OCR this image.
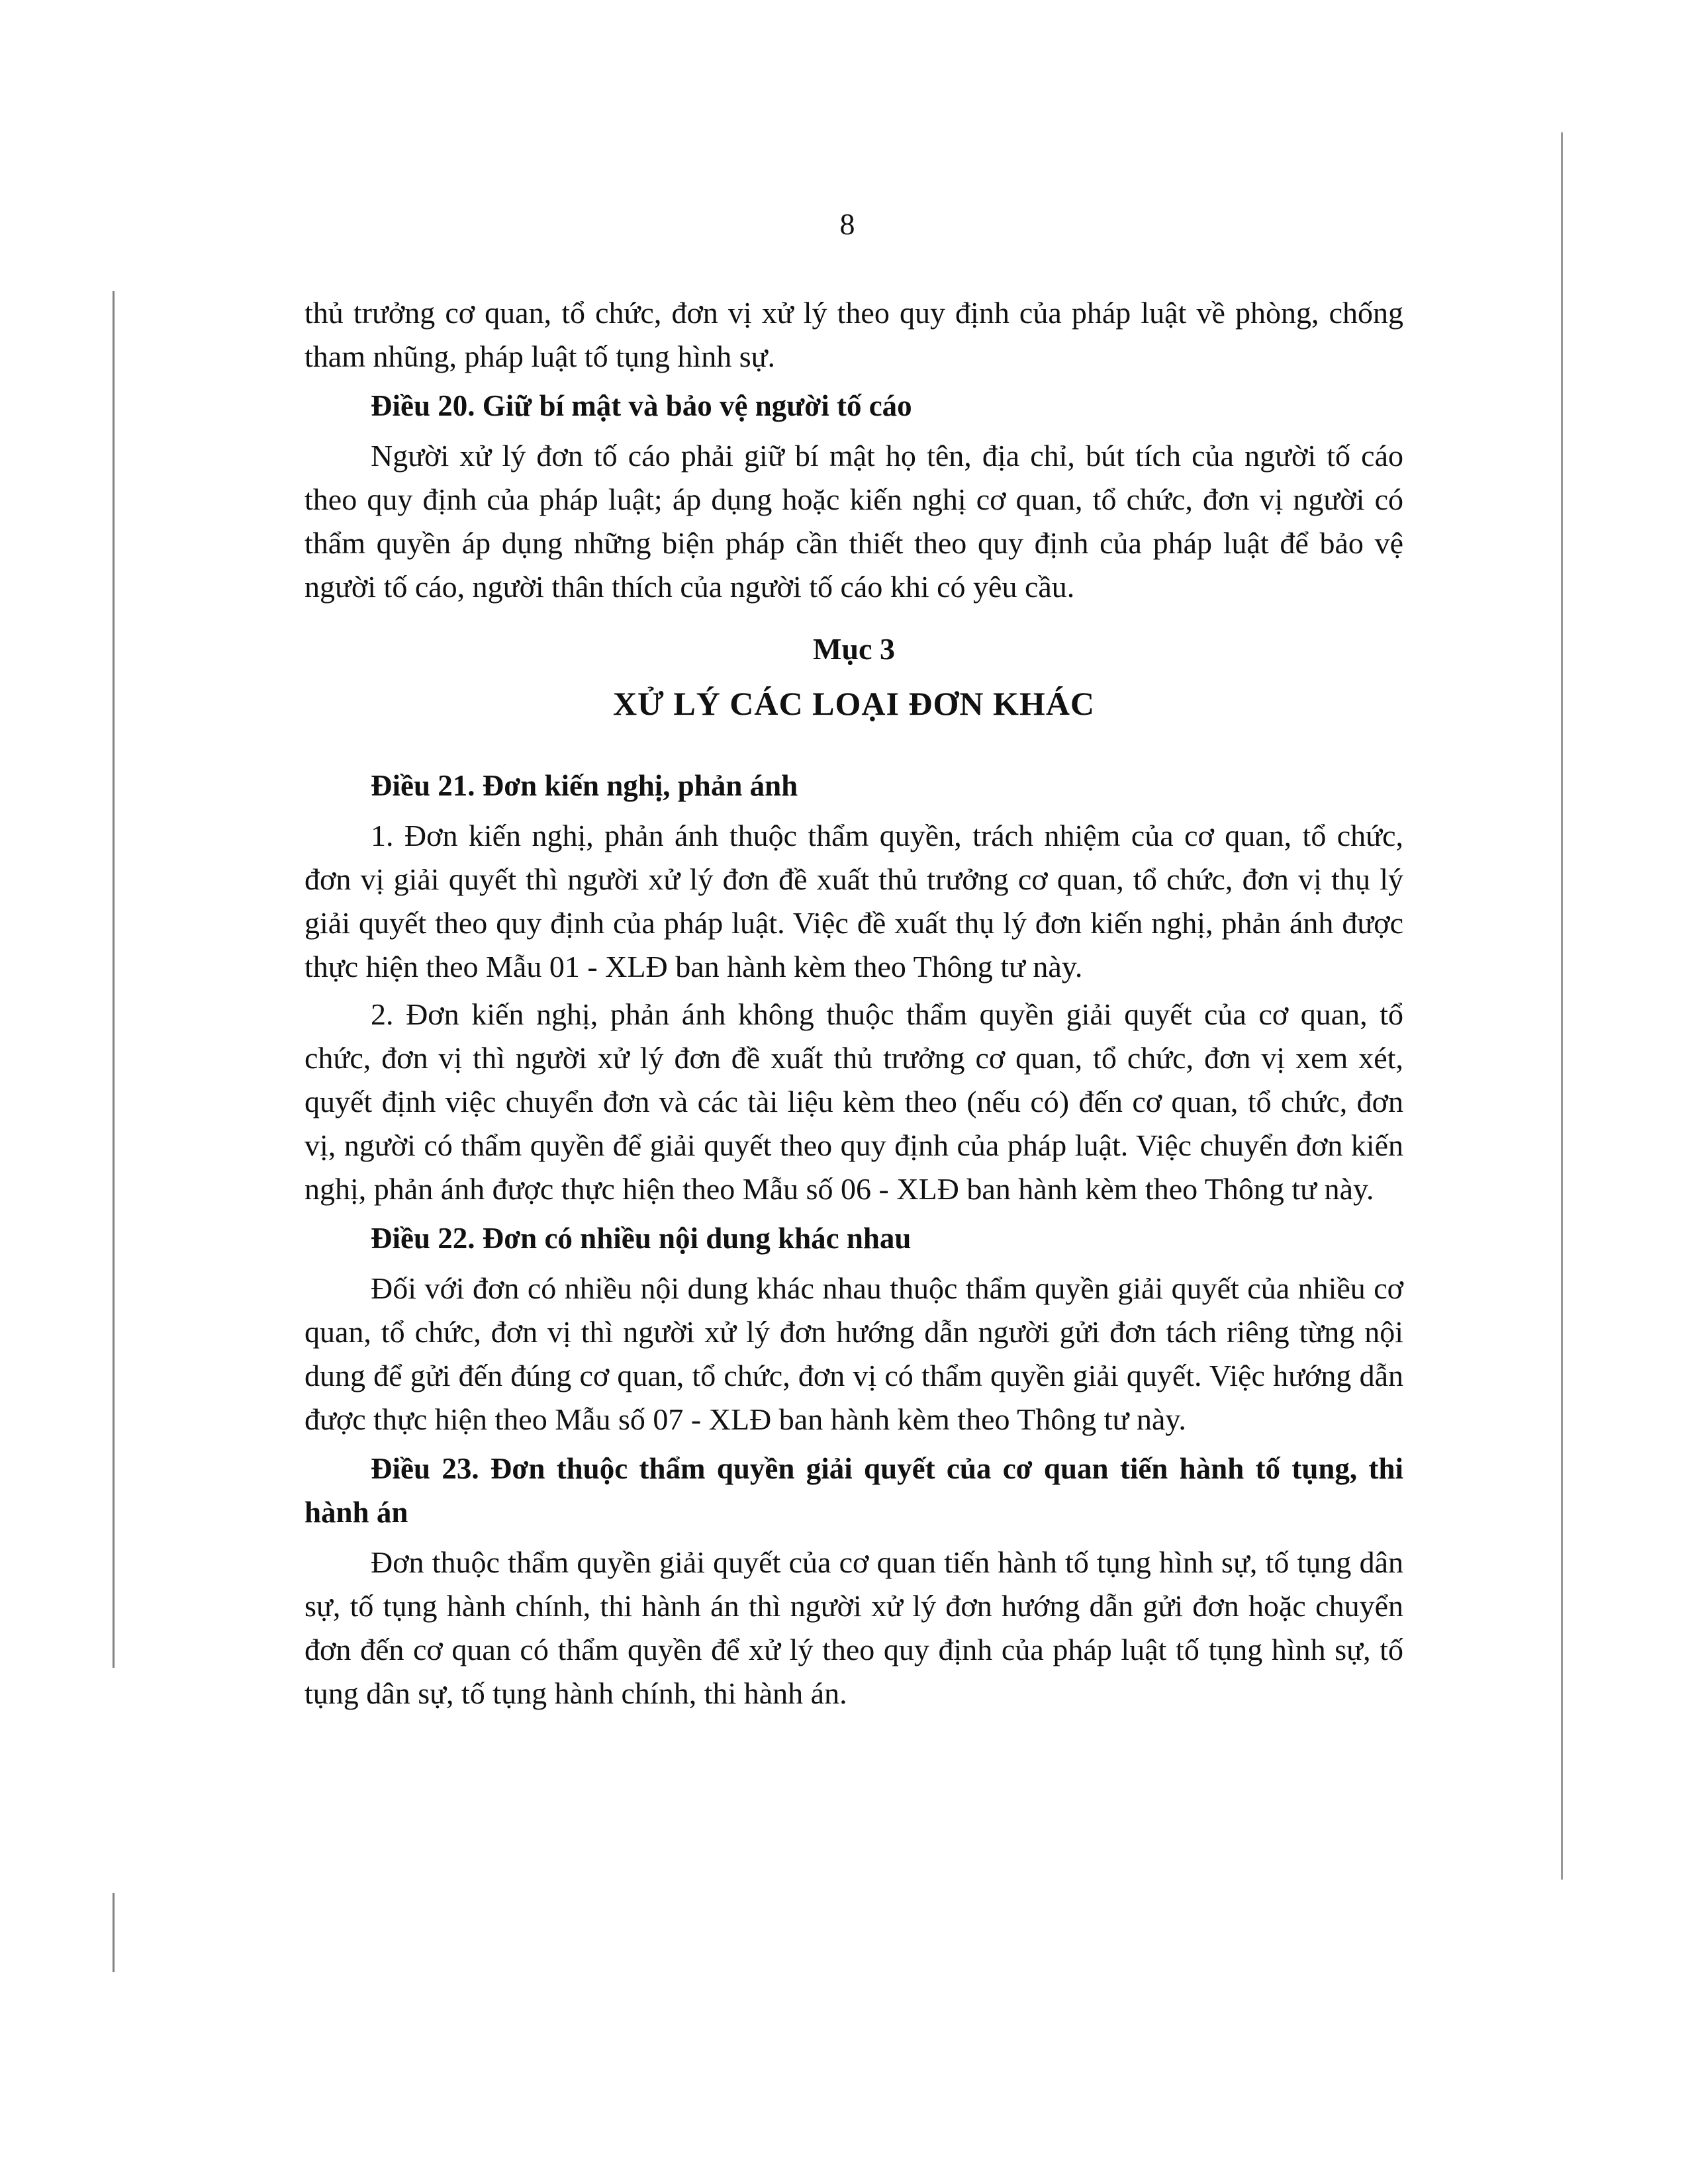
8

thủ trưởng cơ quan, tổ chức, đơn vị xử lý theo quy định của pháp luật về phòng, chống tham nhũng, pháp luật tố tụng hình sự.

Điều 20. Giữ bí mật và bảo vệ người tố cáo

Người xử lý đơn tố cáo phải giữ bí mật họ tên, địa chỉ, bút tích của người tố cáo theo quy định của pháp luật; áp dụng hoặc kiến nghị cơ quan, tổ chức, đơn vị người có thẩm quyền áp dụng những biện pháp cần thiết theo quy định của pháp luật để bảo vệ người tố cáo, người thân thích của người tố cáo khi có yêu cầu.

Mục 3
XỬ LÝ CÁC LOẠI ĐƠN KHÁC

Điều 21. Đơn kiến nghị, phản ánh

1. Đơn kiến nghị, phản ánh thuộc thẩm quyền, trách nhiệm của cơ quan, tổ chức, đơn vị giải quyết thì người xử lý đơn đề xuất thủ trưởng cơ quan, tổ chức, đơn vị thụ lý giải quyết theo quy định của pháp luật. Việc đề xuất thụ lý đơn kiến nghị, phản ánh được thực hiện theo Mẫu 01 - XLĐ ban hành kèm theo Thông tư này.

2. Đơn kiến nghị, phản ánh không thuộc thẩm quyền giải quyết của cơ quan, tổ chức, đơn vị thì người xử lý đơn đề xuất thủ trưởng cơ quan, tổ chức, đơn vị xem xét, quyết định việc chuyển đơn và các tài liệu kèm theo (nếu có) đến cơ quan, tổ chức, đơn vị, người có thẩm quyền để giải quyết theo quy định của pháp luật. Việc chuyển đơn kiến nghị, phản ánh được thực hiện theo Mẫu số 06 - XLĐ ban hành kèm theo Thông tư này.

Điều 22. Đơn có nhiều nội dung khác nhau

Đối với đơn có nhiều nội dung khác nhau thuộc thẩm quyền giải quyết của nhiều cơ quan, tổ chức, đơn vị thì người xử lý đơn hướng dẫn người gửi đơn tách riêng từng nội dung để gửi đến đúng cơ quan, tổ chức, đơn vị có thẩm quyền giải quyết. Việc hướng dẫn được thực hiện theo Mẫu số 07 - XLĐ ban hành kèm theo Thông tư này.

Điều 23. Đơn thuộc thẩm quyền giải quyết của cơ quan tiến hành tố tụng, thi hành án

Đơn thuộc thẩm quyền giải quyết của cơ quan tiến hành tố tụng hình sự, tố tụng dân sự, tố tụng hành chính, thi hành án thì người xử lý đơn hướng dẫn gửi đơn hoặc chuyển đơn đến cơ quan có thẩm quyền để xử lý theo quy định của pháp luật tố tụng hình sự, tố tụng dân sự, tố tụng hành chính, thi hành án.
